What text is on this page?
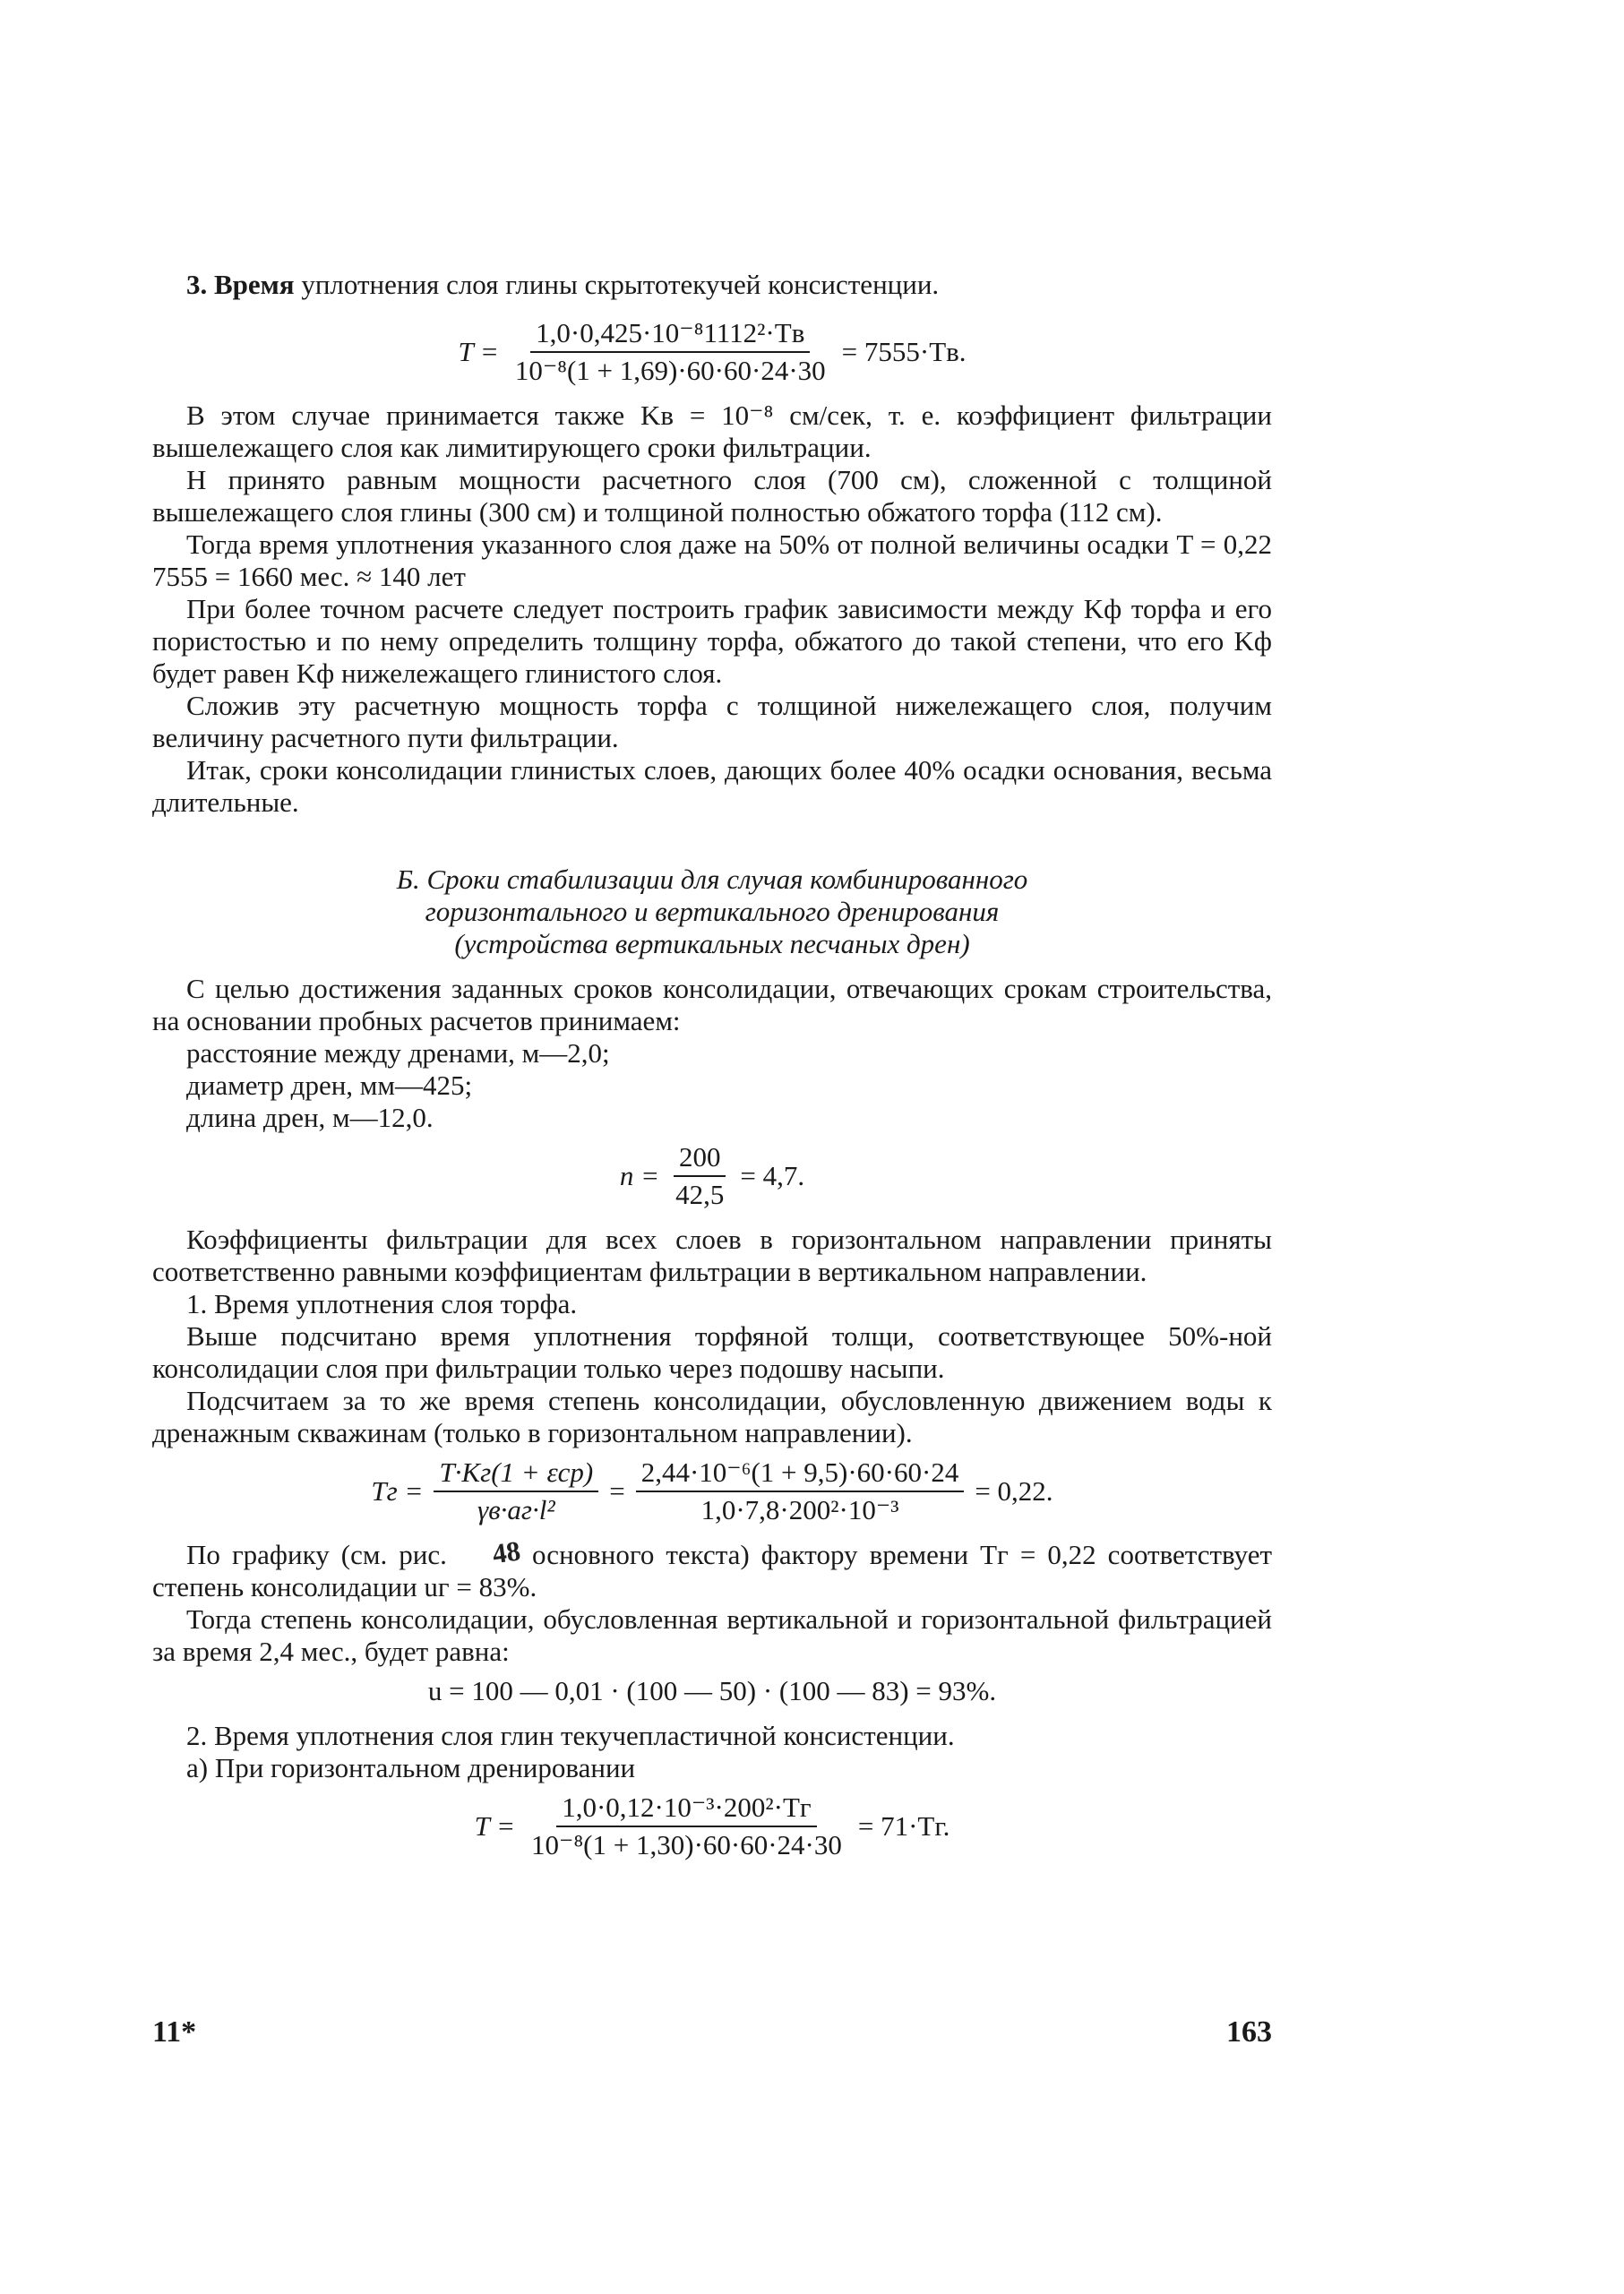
3. Время уплотнения слоя глины скрытотекучей консистенции.

$T = \frac{\text{1,0·0,425·10⁻⁸1112²·Tв}}{\text{10⁻⁸(1 + 1,69)·60·60·24·30}} = 7555\cdot Tв$.

В этом случае принимается также Kв = 10⁻⁸ см/сек, т. е. коэффициент фильтрации вышележащего слоя как лимитирующего сроки фильтрации.

H принято равным мощности расчетного слоя (700 см), сложенной с толщиной вышележащего слоя глины (300 см) и толщиной полностью обжатого торфа (112 см).

Тогда время уплотнения указанного слоя даже на 50% от полной величины осадки T = 0,22 7555 = 1660 мес. ≈ 140 лет

При более точном расчете следует построить график зависимости между Kф торфа и его пористостью и по нему определить толщину торфа, обжатого до такой степени, что его Kф будет равен Kф нижележащего глинистого слоя.

Сложив эту расчетную мощность торфа с толщиной нижележащего слоя, получим величину расчетного пути фильтрации.

Итак, сроки консолидации глинистых слоев, дающих более 40% осадки основания, весьма длительные.

Б. Сроки стабилизации для случая комбинированного
горизонтального и вертикального дренирования
(устройства вертикальных песчаных дрен)

С целью достижения заданных сроков консолидации, отвечающих срокам строительства, на основании пробных расчетов принимаем:

расстояние между дренами, м—2,0;
диаметр дрен, мм—425;
длина дрен, м—12,0.
$n = \frac{200}{42,5} = 4,7$.

Коэффициенты фильтрации для всех слоев в горизонтальном направлении приняты соответственно равными коэффициентам фильтрации в вертикальном направлении.

1. Время уплотнения слоя торфа.

Выше подсчитано время уплотнения торфяной толщи, соответствующее 50%-ной консолидации слоя при фильтрации только через подошву насыпи.

Подсчитаем за то же время степень консолидации, обусловленную движением воды к дренажным скважинам (только в горизонтальном направлении).

Tг = $\frac{\text{T·Kг(1 + εср)}}{\text{γв·aг·l²}} = \frac{\text{2,44·10⁻⁶(1 + 9,5)·60·60·24}}{\text{1,0·7,8·200²·10⁻³}} = 0,22$.

По графику (см. рис. 48 основного текста) фактору времени Tг = 0,22 соответствует степень консолидации uг = 83%.

Тогда степень консолидации, обусловленная вертикальной и горизонтальной фильтрацией за время 2,4 мес., будет равна:

u = 100 — 0,01 · (100 — 50) · (100 — 83) = 93%.

2. Время уплотнения слоя глин текучепластичной консистенции.

а) При горизонтальном дренировании

$T = \frac{\text{1,0·0,12·10⁻³·200²·Tг}}{\text{10⁻⁸(1 + 1,30)·60·60·24·30}} = 71\cdot Tг$.
11*	163
